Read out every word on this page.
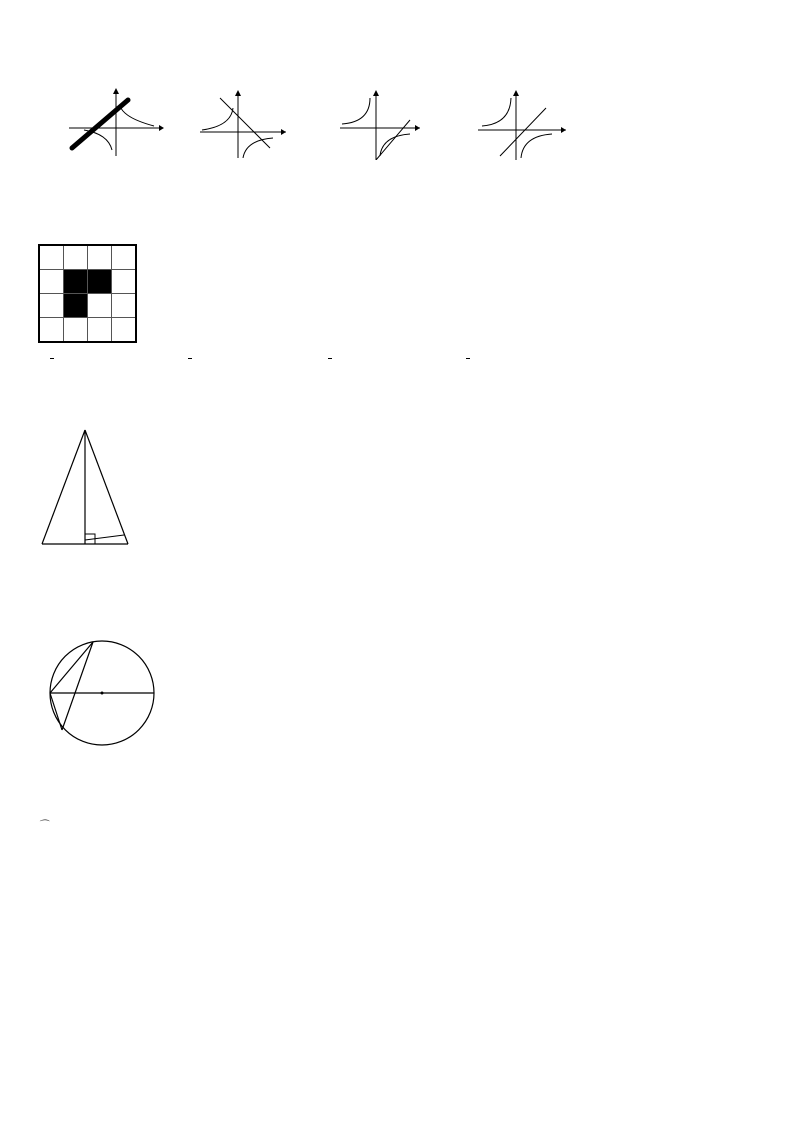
⌒
